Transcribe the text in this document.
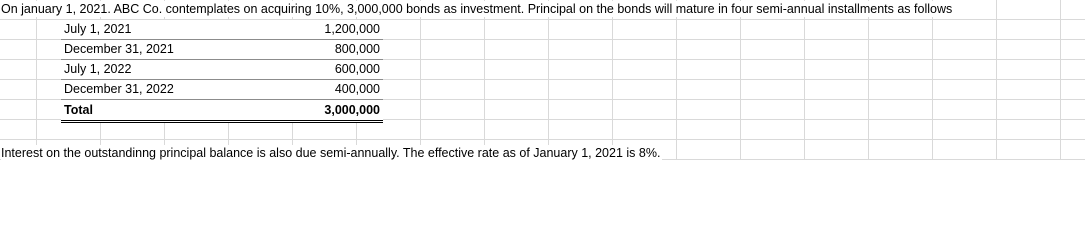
On january 1, 2021. ABC Co. contemplates on acquiring 10%, 3,000,000 bonds as investment. Principal on the bonds will mature in four semi-annual installments as follows
July 1, 2021	1,200,000
December 31, 2021	800,000
July 1, 2022	600,000
December 31, 2022	400,000
Total	3,000,000
Interest on the outstandinng principal balance is also due semi-annually. The effective rate as of January 1, 2021 is 8%.
